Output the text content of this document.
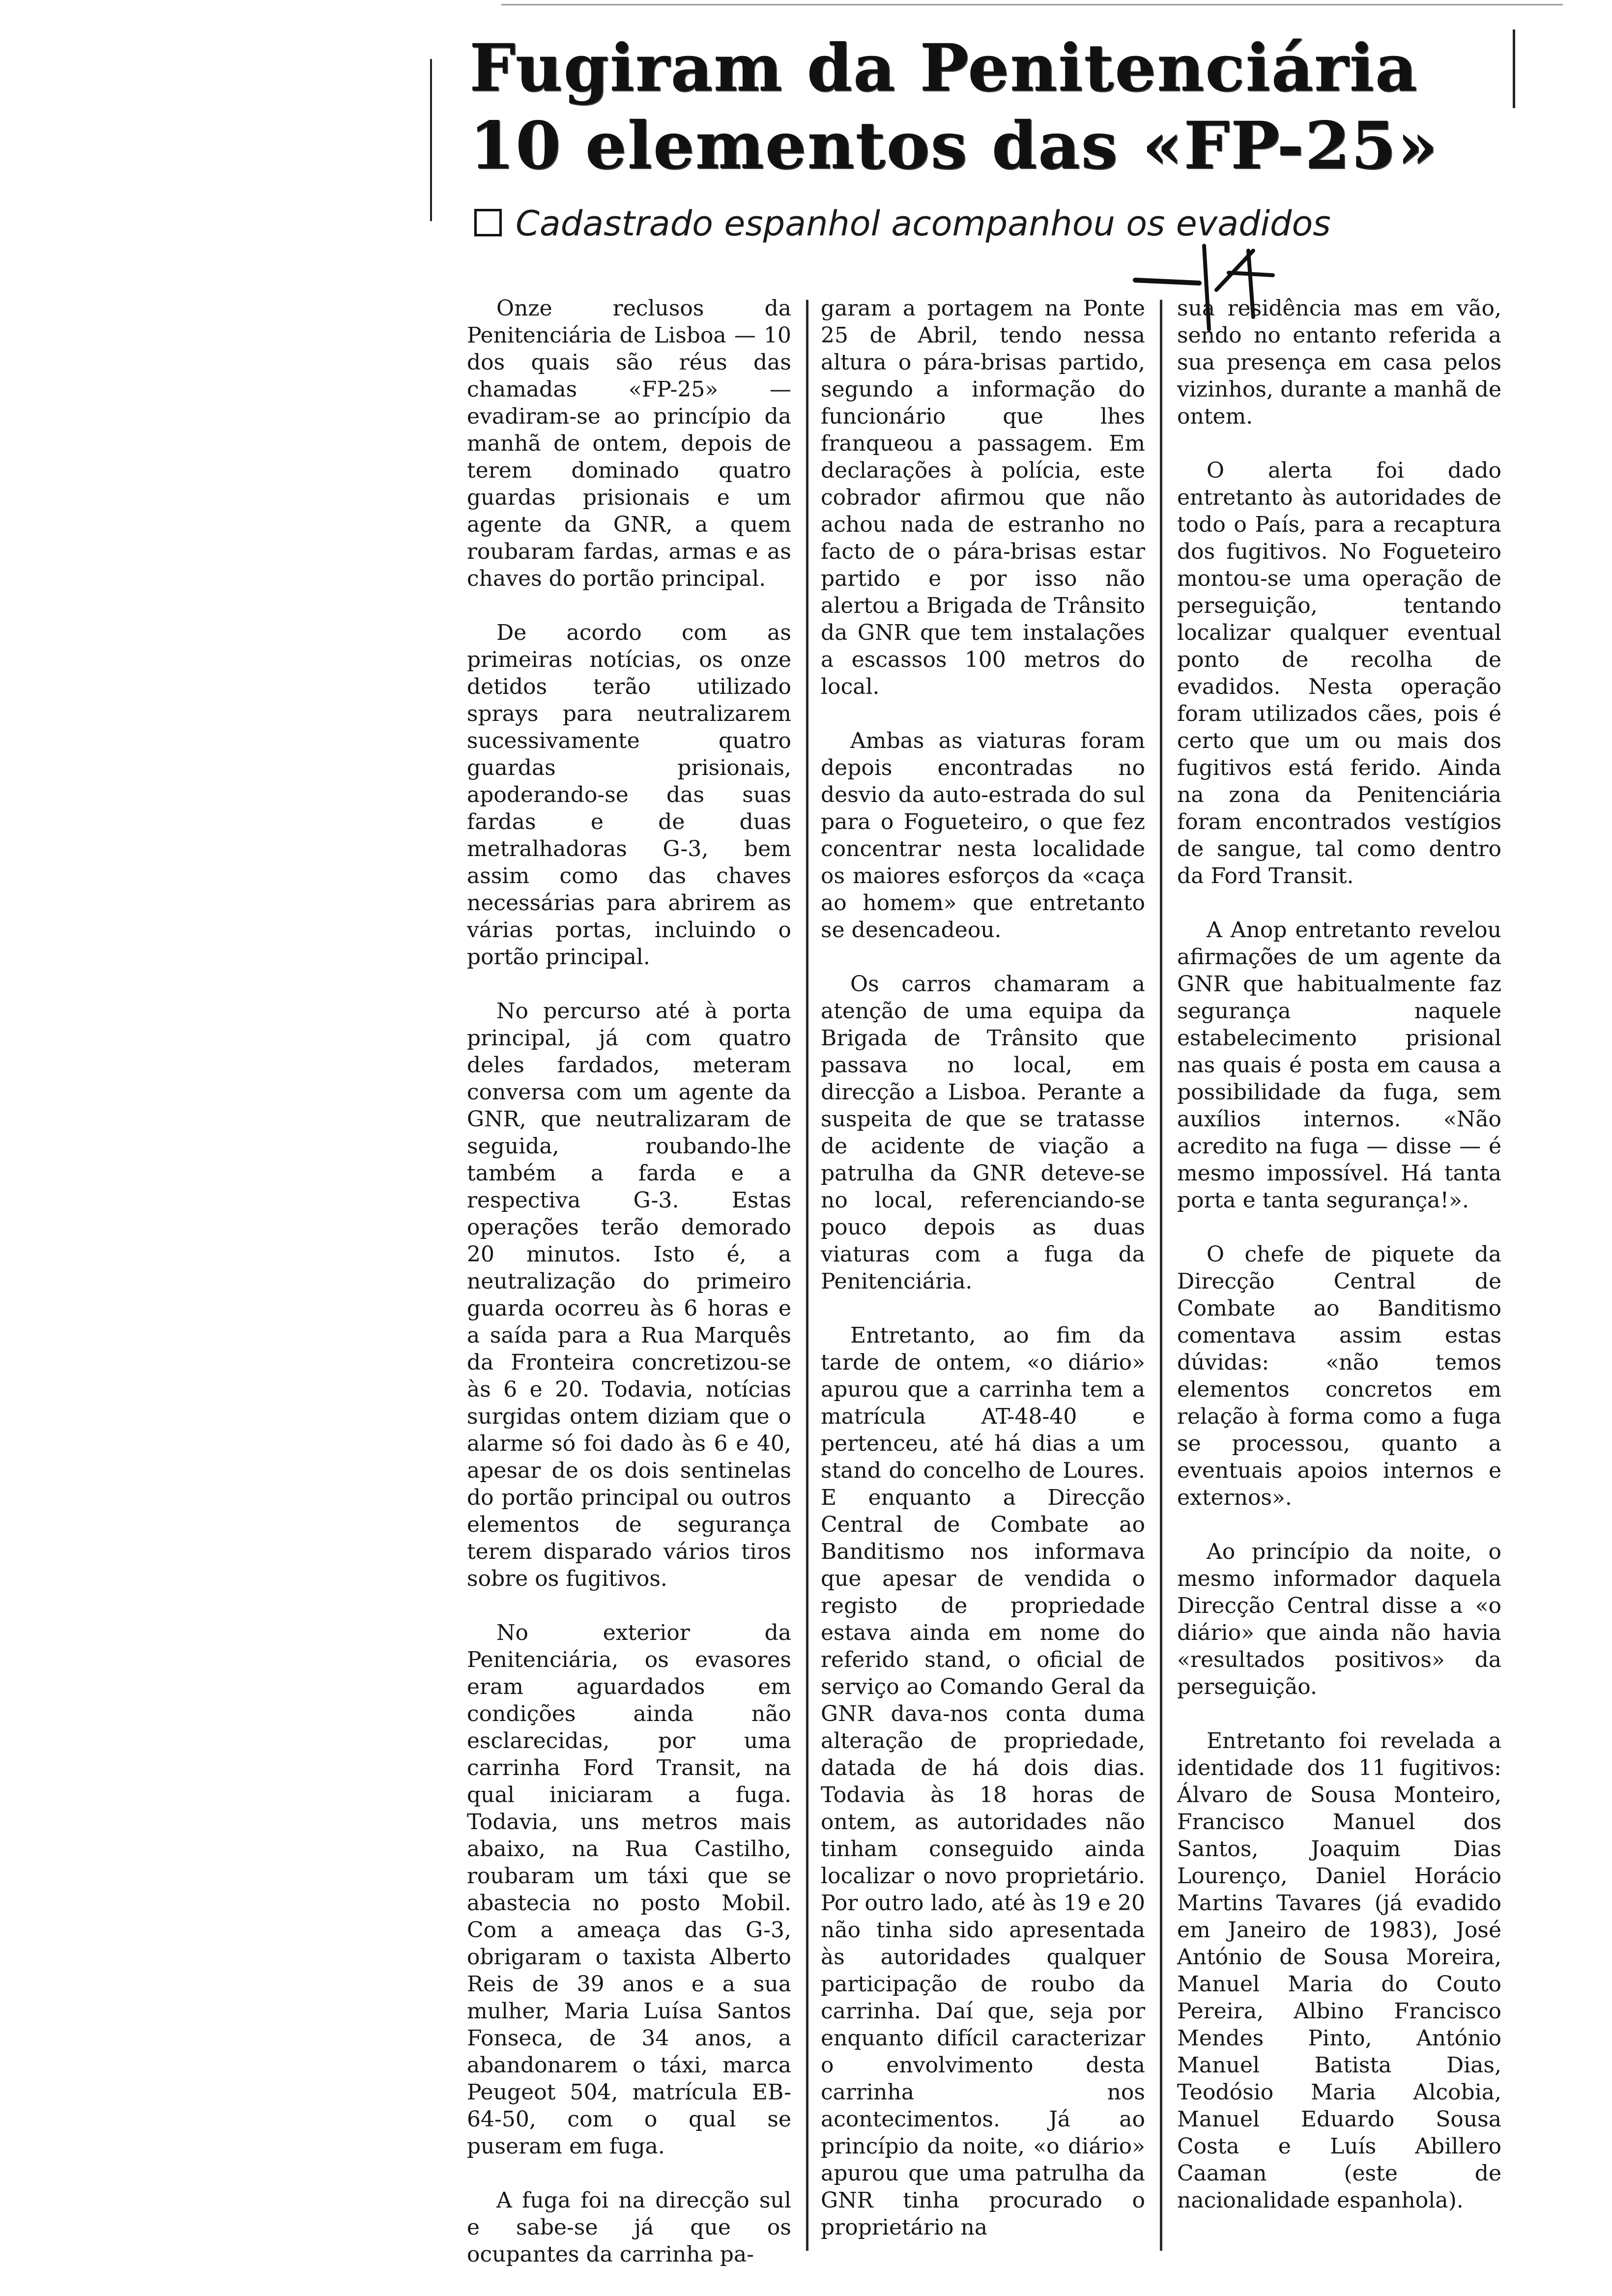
Fugiram da Penitenciária
10 elementos das «FP-25»
Cadastrado espanhol acompanhou os evadidos

Onze reclusos da Penitenciária de Lisboa — 10 dos quais são réus das chamadas «FP-25» — evadiram-se ao princípio da manhã de ontem, depois de terem dominado quatro guardas prisionais e um agente da GNR, a quem roubaram fardas, armas e as chaves do portão principal.

De acordo com as primeiras notícias, os onze detidos terão utilizado sprays para neutralizarem sucessivamente quatro guardas prisionais, apoderando-se das suas fardas e de duas metralhadoras G-3, bem assim como das chaves necessárias para abrirem as várias portas, incluindo o portão principal.

No percurso até à porta principal, já com quatro deles fardados, meteram conversa com um agente da GNR, que neutralizaram de seguida, roubando-lhe também a farda e a respectiva G-3. Estas operações terão demorado 20 minutos. Isto é, a neutralização do primeiro guarda ocorreu às 6 horas e a saída para a Rua Marquês da Fronteira concretizou-se às 6 e 20. Todavia, notícias surgidas ontem diziam que o alarme só foi dado às 6 e 40, apesar de os dois sentinelas do portão principal ou outros elementos de segurança terem disparado vários tiros sobre os fugitivos.

No exterior da Penitenciária, os evasores eram aguardados em condições ainda não esclarecidas, por uma carrinha Ford Transit, na qual iniciaram a fuga. Todavia, uns metros mais abaixo, na Rua Castilho, roubaram um táxi que se abastecia no posto Mobil. Com a ameaça das G-3, obrigaram o taxista Alberto Reis de 39 anos e a sua mulher, Maria Luísa Santos Fonseca, de 34 anos, a abandonarem o táxi, marca Peugeot 504, matrícula EB-64-50, com o qual se puseram em fuga.

A fuga foi na direcção sul e sabe-se já que os ocupantes da carrinha pa-

garam a portagem na Ponte 25 de Abril, tendo nessa altura o pára-brisas partido, segundo a informação do funcionário que lhes franqueou a passagem. Em declarações à polícia, este cobrador afirmou que não achou nada de estranho no facto de o pára-brisas estar partido e por isso não alertou a Brigada de Trânsito da GNR que tem instalações a escassos 100 metros do local.

Ambas as viaturas foram depois encontradas no desvio da auto-estrada do sul para o Fogueteiro, o que fez concentrar nesta localidade os maiores esforços da «caça ao homem» que entretanto se desencadeou.

Os carros chamaram a atenção de uma equipa da Brigada de Trânsito que passava no local, em direcção a Lisboa. Perante a suspeita de que se tratasse de acidente de viação a patrulha da GNR deteve-se no local, referenciando-se pouco depois as duas viaturas com a fuga da Penitenciária.

Entretanto, ao fim da tarde de ontem, «o diário» apurou que a carrinha tem a matrícula AT-48-40 e pertenceu, até há dias a um stand do concelho de Loures. E enquanto a Direcção Central de Combate ao Banditismo nos informava que apesar de vendida o registo de propriedade estava ainda em nome do referido stand, o oficial de serviço ao Comando Geral da GNR dava-nos conta duma alteração de propriedade, datada de há dois dias. Todavia às 18 horas de ontem, as autoridades não tinham conseguido ainda localizar o novo proprietário. Por outro lado, até às 19 e 20 não tinha sido apresentada às autoridades qualquer participação de roubo da carrinha. Daí que, seja por enquanto difícil caracterizar o envolvimento desta carrinha nos acontecimentos. Já ao princípio da noite, «o diário» apurou que uma patrulha da GNR tinha procurado o proprietário na

sua residência mas em vão, sendo no entanto referida a sua presença em casa pelos vizinhos, durante a manhã de ontem.

O alerta foi dado entretanto às autoridades de todo o País, para a recaptura dos fugitivos. No Fogueteiro montou-se uma operação de perseguição, tentando localizar qualquer eventual ponto de recolha de evadidos. Nesta operação foram utilizados cães, pois é certo que um ou mais dos fugitivos está ferido. Ainda na zona da Penitenciária foram encontrados vestígios de sangue, tal como dentro da Ford Transit.

A Anop entretanto revelou afirmações de um agente da GNR que habitualmente faz segurança naquele estabelecimento prisional nas quais é posta em causa a possibilidade da fuga, sem auxílios internos. «Não acredito na fuga — disse — é mesmo impossível. Há tanta porta e tanta segurança!».

O chefe de piquete da Direcção Central de Combate ao Banditismo comentava assim estas dúvidas: «não temos elementos concretos em relação à forma como a fuga se processou, quanto a eventuais apoios internos e externos».

Ao princípio da noite, o mesmo informador daquela Direcção Central disse a «o diário» que ainda não havia «resultados positivos» da perseguição.

Entretanto foi revelada a identidade dos 11 fugitivos: Álvaro de Sousa Monteiro, Francisco Manuel dos Santos, Joaquim Dias Lourenço, Daniel Horácio Martins Tavares (já evadido em Janeiro de 1983), José António de Sousa Moreira, Manuel Maria do Couto Pereira, Albino Francisco Mendes Pinto, António Manuel Batista Dias, Teodósio Maria Alcobia, Manuel Eduardo Sousa Costa e Luís Abillero Caaman (este de nacionalidade espanhola).
